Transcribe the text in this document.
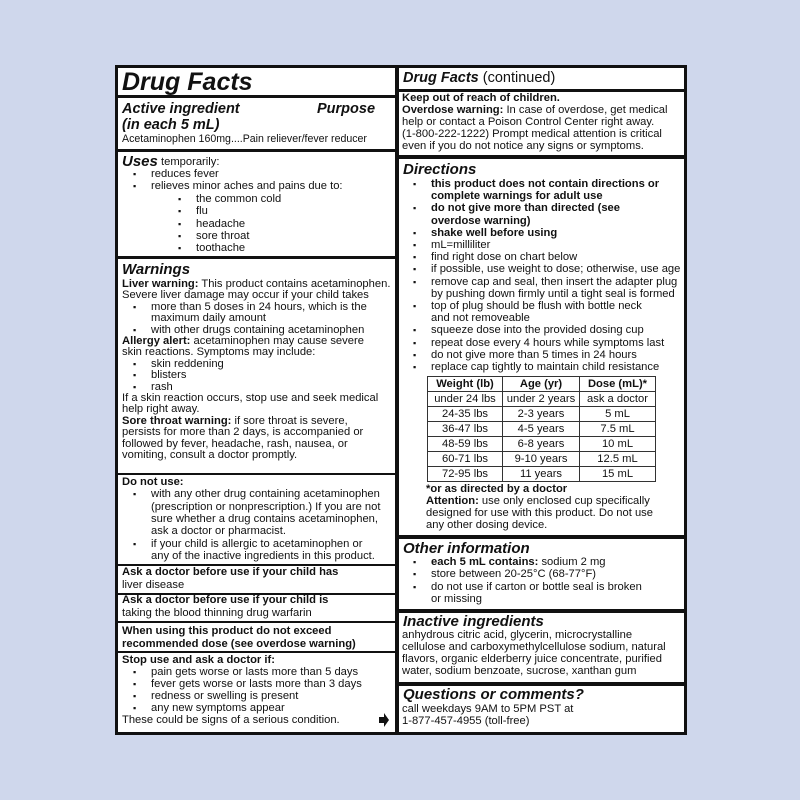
Drug Facts
Active ingredient	Purpose
(in each 5 mL)
Acetaminophen 160mg....Pain reliever/fever reducer
Uses temporarily:
Warnings
Drug Facts (continued)
Directions
Other information
Inactive ingredients
Questions or comments?
Weight (lb)	Age (yr)	Dose (mL)*
under 24 lbs	under 2 years	ask a doctor
24-35 lbs	2-3 years	5 mL
36-47 lbs	4-5 years	7.5 mL
48-59 lbs	6-8 years	10 mL
60-71 lbs	9-10 years	12.5 mL
72-95 lbs	11 years	15 mL
▪ reduces fever
▪ relieves minor aches and pains due to:
▪ the common cold
▪ flu
▪ headache
▪ sore throat
▪ toothache
Liver warning: This product contains acetaminophen.
Severe liver damage may occur if your child takes
▪ more than 5 doses in 24 hours, which is the
maximum daily amount
▪ with other drugs containing acetaminophen
Allergy alert: acetaminophen may cause severe
skin reactions. Symptoms may include:
▪ skin reddening
▪ blisters
▪ rash
If a skin reaction occurs, stop use and seek medical
help right away.
Sore throat warning: if sore throat is severe,
persists for more than 2 days, is accompanied or
followed by fever, headache, rash, nausea, or
vomiting, consult a doctor promptly.
Do not use:
▪ with any other drug containing acetaminophen
(prescription or nonprescription.) If you are not
sure whether a drug contains acetaminophen,
ask a doctor or pharmacist.
▪ if your child is allergic to acetaminophen or
any of the inactive ingredients in this product.
Ask a doctor before use if your child has
liver disease
Ask a doctor before use if your child is
taking the blood thinning drug warfarin
When using this product do not exceed
recommended dose (see overdose warning)
Stop use and ask a doctor if:
▪ pain gets worse or lasts more than 5 days
▪ fever gets worse or lasts more than 3 days
▪ redness or swelling is present
▪ any new symptoms appear
These could be signs of a serious condition.
Keep out of reach of children.
Overdose warning: In case of overdose, get medical
help or contact a Poison Control Center right away.
(1-800-222-1222) Prompt medical attention is critical
even if you do not notice any signs or symptoms.
▪ this product does not contain directions or
complete warnings for adult use
▪ do not give more than directed (see
overdose warning)
▪ shake well before using
▪ mL=milliliter
▪ find right dose on chart below
▪ if possible, use weight to dose; otherwise, use age
▪ remove cap and seal, then insert the adapter plug
by pushing down firmly until a tight seal is formed
▪ top of plug should be flush with bottle neck
and not removeable
▪ squeeze dose into the provided dosing cup
▪ repeat dose every 4 hours while symptoms last
▪ do not give more than 5 times in 24 hours
▪ replace cap tightly to maintain child resistance
*or as directed by a doctor
Attention: use only enclosed cup specifically
designed for use with this product. Do not use
any other dosing device.
▪ each 5 mL contains: sodium 2 mg
▪ store between 20-25°C (68-77°F)
▪ do not use if carton or bottle seal is broken
or missing
anhydrous citric acid, glycerin, microcrystalline
cellulose and carboxymethylcellulose sodium, natural
flavors, organic elderberry juice concentrate, purified
water, sodium benzoate, sucrose, xanthan gum
call weekdays 9AM to 5PM PST at
1-877-457-4955 (toll-free)
